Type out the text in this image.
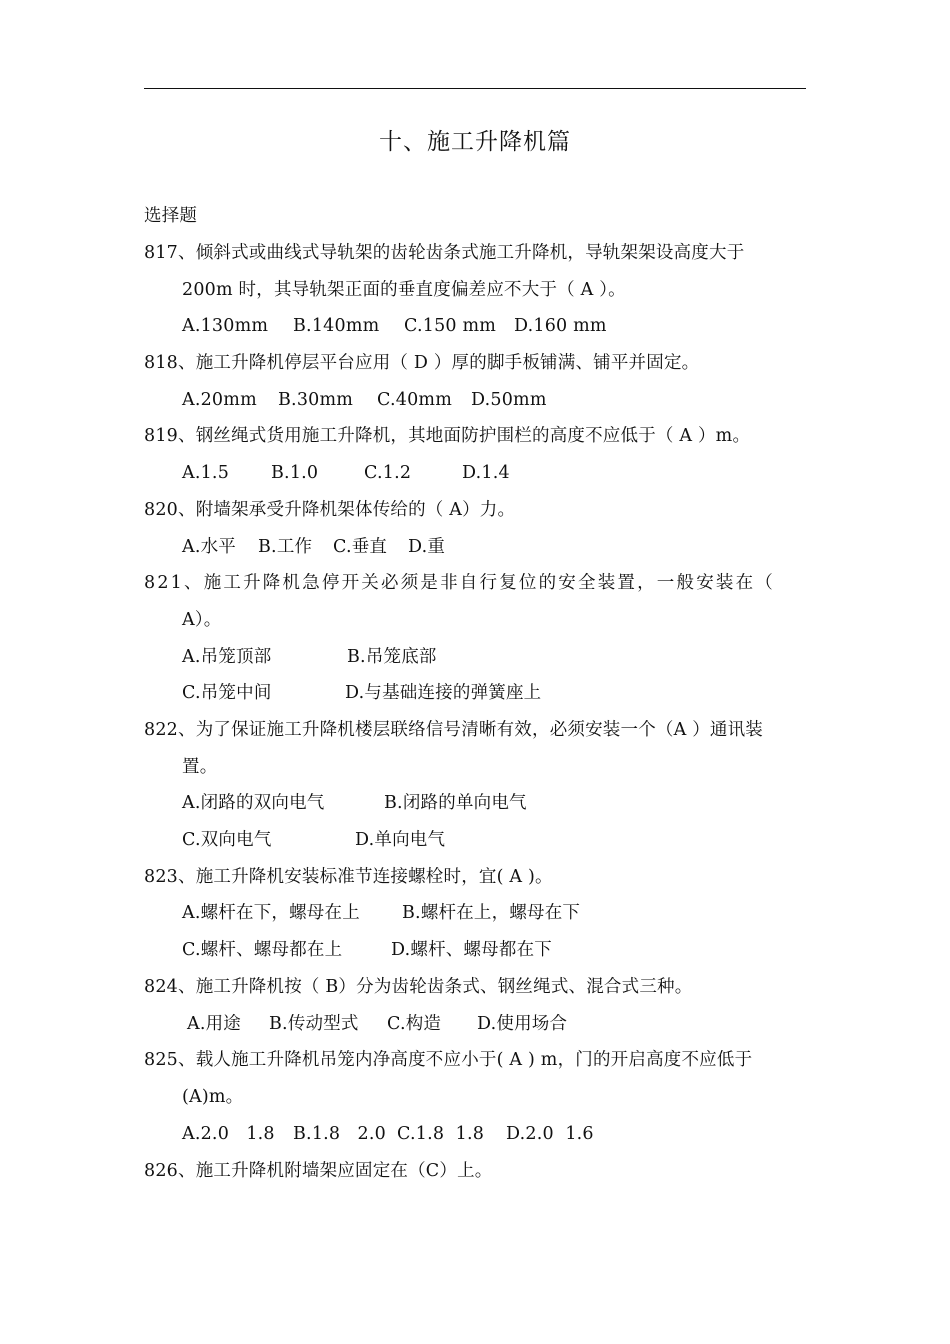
十、施工升降机篇
选择题
817、倾斜式或曲线式导轨架的齿轮齿条式施工升降机，导轨架架设高度大于
200m 时，其导轨架正面的垂直度偏差应不大于（ A ）。
A.130mm B.140mm C.150 mm D.160 mm
818、施工升降机停层平台应用（ D ）厚的脚手板铺满、铺平并固定。
A.20mm B.30mm C.40mm D.50mm
819、钢丝绳式货用施工升降机，其地面防护围栏的高度不应低于（ A ）m。
A.1.5 B.1.0	C.1.2	D.1.4
820、附墙架承受升降机架体传给的（ A）力。
A.水平 B.工作 C.垂直 D.重
821、施工升降机急停开关必须是非自行复位的安全装置，一般安装在（
A）。
A.吊笼顶部	B.吊笼底部
C.吊笼中间	D.与基础连接的弹簧座上
822、为了保证施工升降机楼层联络信号清晰有效，必须安装一个（A ）通讯装
置。
A.闭路的双向电气	B.闭路的单向电气
C.双向电气	D.单向电气
823、施工升降机安装标准节连接螺栓时，宜( A )。
A.螺杆在下，螺母在上 B.螺杆在上，螺母在下
C.螺杆、螺母都在上	D.螺杆、螺母都在下
824、施工升降机按（ B）分为齿轮齿条式、钢丝绳式、混合式三种。
A.用途 B.传动型式 C.构造 D.使用场合
825、载人施工升降机吊笼内净高度不应小于( A ) m，门的开启高度不应低于
(A)m。

A.2.0   1.8

B.1.8   2.0

C.1.8  1.8

D.2.0  1.6

826、施工升降机附墙架应固定在（C）上。
